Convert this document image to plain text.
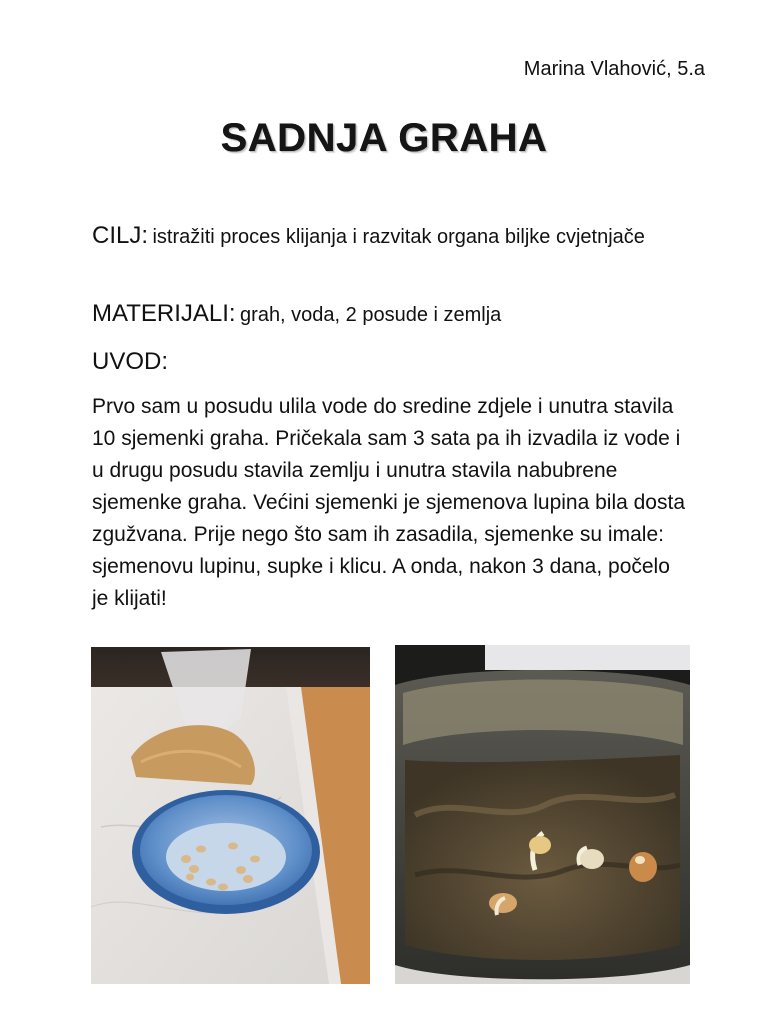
Marina Vlahović, 5.a
SADNJA GRAHA
CILJ: istražiti proces klijanja i razvitak organa biljke cvjetnjače
MATERIJALI: grah, voda, 2 posude i zemlja
UVOD:
Prvo sam u posudu ulila vode do sredine zdjele i unutra stavila 10 sjemenki graha. Pričekala sam 3 sata pa ih izvadila iz vode i u drugu posudu stavila zemlju i unutra stavila nabubrene sjemenke graha. Većini sjemenki je sjemenova lupina bila dosta zgužvana. Prije nego što sam ih zasadila, sjemenke su imale: sjemenovu lupinu, supke i klicu. A onda, nakon 3 dana, počelo je klijati!
